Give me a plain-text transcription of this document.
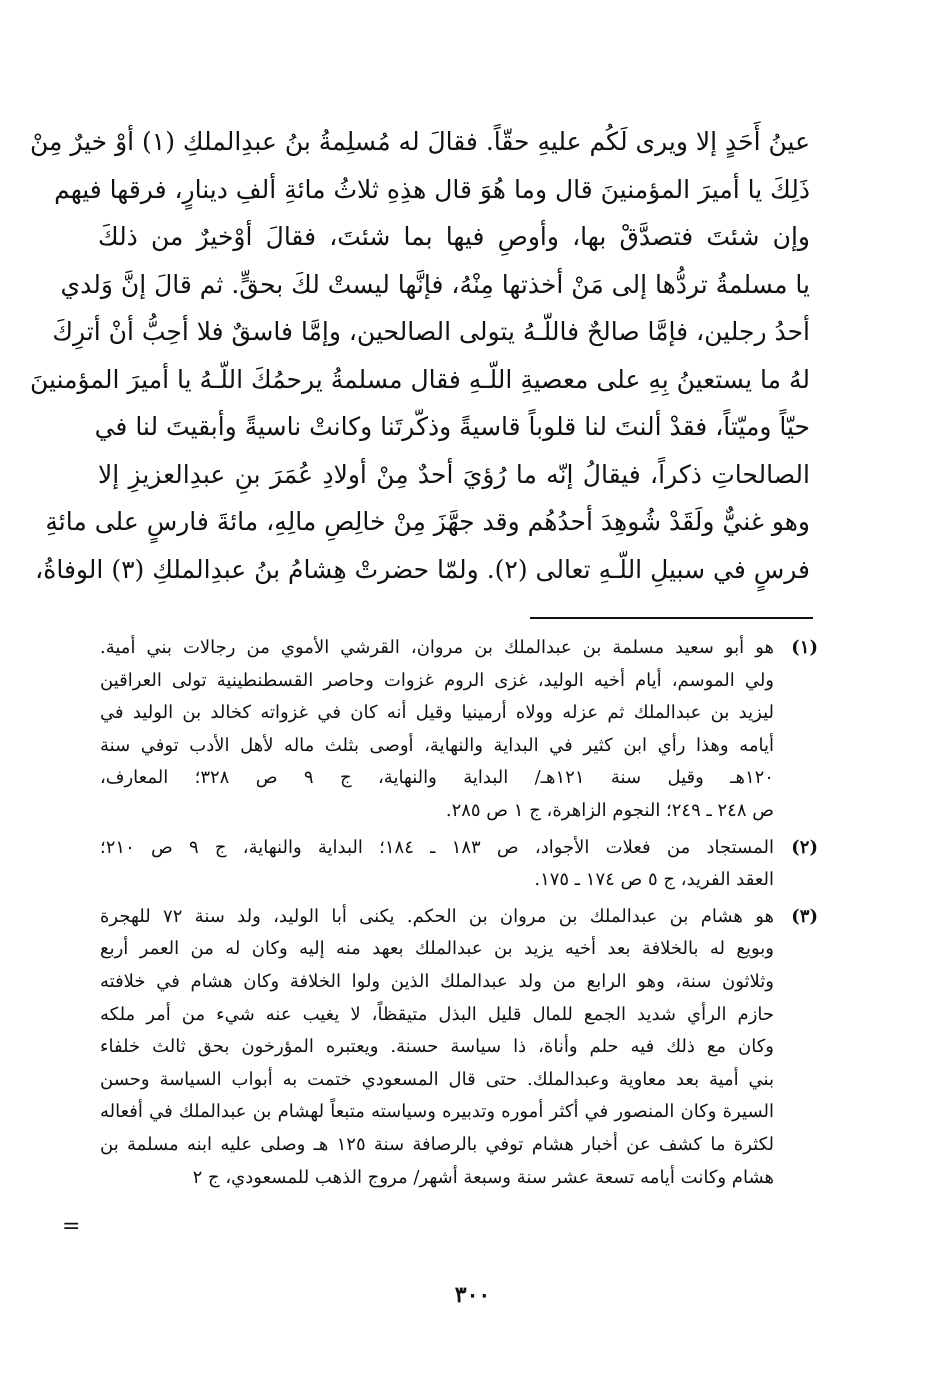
عينُ أَحَدٍ إلا ويرى لَكُم عليهِ حقّاً. فقالَ له مُسلِمةُ بنُ عبدِالملكِ (١) أوْ خيرٌ مِنْ
ذَلِكَ يا أميرَ المؤمنينَ قال وما هُوَ قال هذِهِ ثلاثُ مائةِ ألفِ دينارٍ، فرقها فيهم
وإن شئتَ فتصدَّقْ بها، وأوصِ فيها بما شئتَ، فقالَ أوْخيرٌ من ذلكَ
يا مسلمةُ تردُّها إلى مَنْ أخذتها مِنْهُ، فإنَّها ليستْ لكَ بحقٍّ. ثم قالَ إنَّ وَلدي
أحدُ رجلين، فإمَّا صالحٌ فاللّـهُ يتولى الصالحين، وإمَّا فاسقٌ فلا أحِبُّ أنْ أترِكَ
لهُ ما يستعينُ بِهِ على معصيةِ اللّـهِ فقال مسلمةُ يرحمُكَ اللّـهُ يا أميرَ المؤمنينَ
حيّاً وميّتاً، فقدْ ألنتَ لنا قلوباً قاسيةً وذكّرتَنا وكانتْ ناسيةً وأبقيتَ لنا في
الصالحاتِ ذكراً، فيقالُ إنّه ما رُؤيَ أحدٌ مِنْ أولادِ عُمَرَ بنِ عبدِالعزيزِ إلا
وهو غنيٌّ ولَقَدْ شُوهِدَ أحدُهُم وقد جهَّزَ مِنْ خالِصِ مالِهِ، مائةَ فارسٍ على مائةِ
فرسٍ في سبيلِ اللّـهِ تعالى (٢). ولمّا حضرتْ هِشامُ بنُ عبدِالملكِ (٣) الوفاةُ،
(١)
هو أبو سعيد مسلمة بن عبدالملك بن مروان، القرشي الأموي من رجالات بني أمية.
ولي الموسم، أيام أخيه الوليد، غزى الروم غزوات وحاصر القسطنطينية تولى العراقين
ليزيد بن عبدالملك ثم عزله وولاه أرمينيا وقيل أنه كان في غزواته كخالد بن الوليد في
أيامه وهذا رأي ابن كثير في البداية والنهاية، أوصى بثلث ماله لأهل الأدب توفي سنة
١٢٠هـ وقيل سنة ١٢١هـ/ البداية والنهاية، ج ٩ ص ٣٢٨؛ المعارف،
ص ٢٤٨ ـ ٢٤٩؛ النجوم الزاهرة، ج ١ ص ٢٨٥.
(٢)
المستجاد من فعلات الأجواد، ص ١٨٣ ـ ١٨٤؛ البداية والنهاية، ج ٩ ص ٢١٠؛
العقد الفريد، ج ٥ ص ١٧٤ ـ ١٧٥.
(٣)
هو هشام بن عبدالملك بن مروان بن الحكم. يكنى أبا الوليد، ولد سنة ٧٢ للهجرة
وبويع له بالخلافة بعد أخيه يزيد بن عبدالملك بعهد منه إليه وكان له من العمر أربع
وثلاثون سنة، وهو الرابع من ولد عبدالملك الذين ولوا الخلافة وكان هشام في خلافته
حازم الرأي شديد الجمع للمال قليل البذل متيقظاً، لا يغيب عنه شيء من أمر ملكه
وكان مع ذلك فيه حلم وأناة، ذا سياسة حسنة. ويعتبره المؤرخون بحق ثالث خلفاء
بني أمية بعد معاوية وعبدالملك. حتى قال المسعودي ختمت به أبواب السياسة وحسن
السيرة وكان المنصور في أكثر أموره وتدبيره وسياسته متبعاً لهشام بن عبدالملك في أفعاله
لكثرة ما كشف عن أخبار هشام توفي بالرصافة سنة ١٢٥ هـ وصلى عليه ابنه مسلمة بن
هشام وكانت أيامه تسعة عشر سنة وسبعة أشهر/ مروج الذهب للمسعودي، ج ٢
=
٣٠٠
